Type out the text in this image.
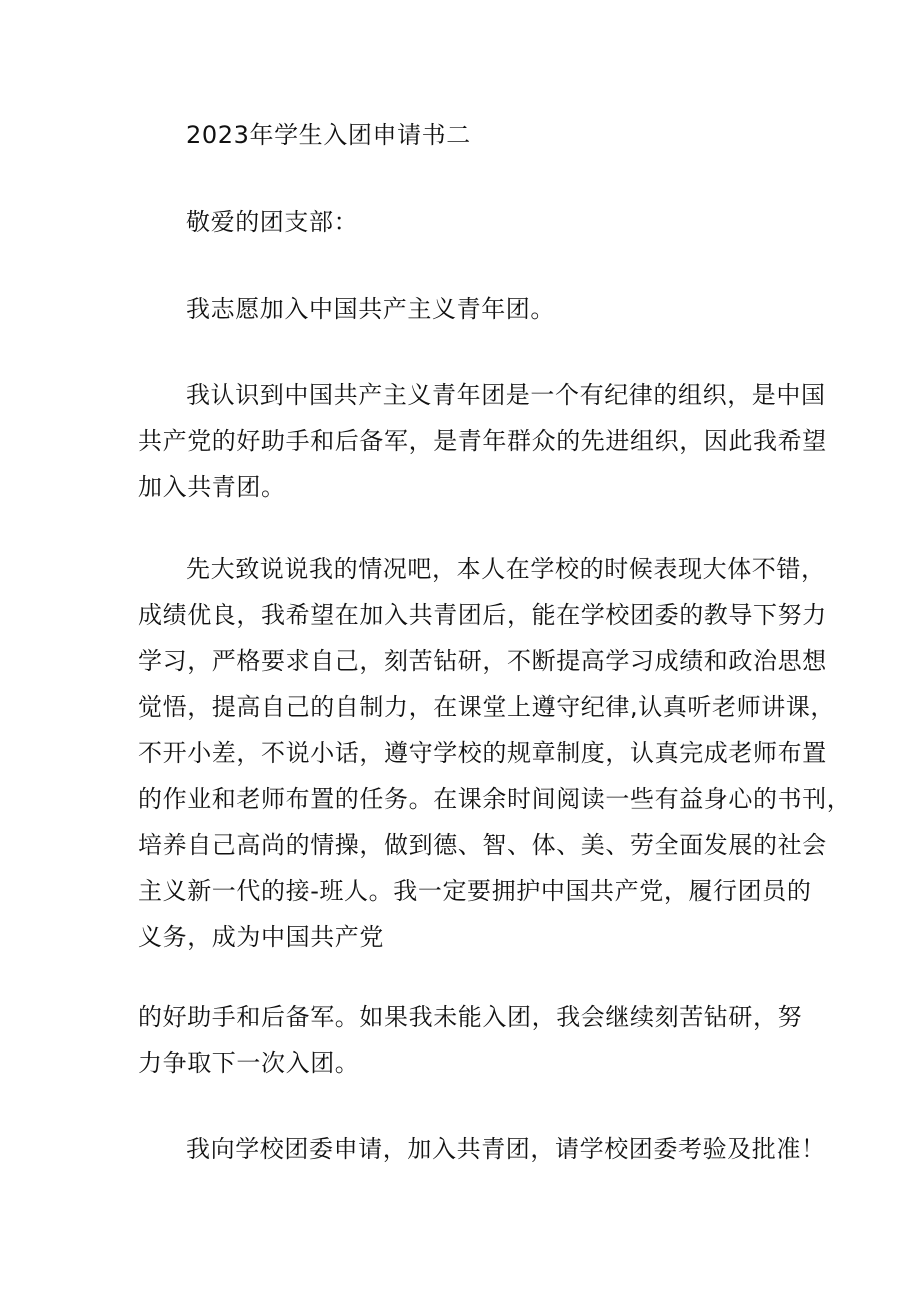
2023年学生入团申请书二
敬爱的团支部：
我志愿加入中国共产主义青年团。
我认识到中国共产主义青年团是一个有纪律的组织，是中国
共产党的好助手和后备军，是青年群众的先进组织，因此我希望
加入共青团。
先大致说说我的情况吧，本人在学校的时候表现大体不错，
成绩优良，我希望在加入共青团后，能在学校团委的教导下努力
学习，严格要求自己，刻苦钻研，不断提高学习成绩和政治思想
觉悟，提高自己的自制力，在课堂上遵守纪律,认真听老师讲课，
不开小差，不说小话，遵守学校的规章制度，认真完成老师布置
的作业和老师布置的任务。在课余时间阅读一些有益身心的书刊，
培养自己高尚的情操，做到德、智、体、美、劳全面发展的社会
主义新一代的接-班人。我一定要拥护中国共产党，履行团员的
义务，成为中国共产党
的好助手和后备军。如果我未能入团，我会继续刻苦钻研，努
力争取下一次入团。
我向学校团委申请，加入共青团，请学校团委考验及批准！
